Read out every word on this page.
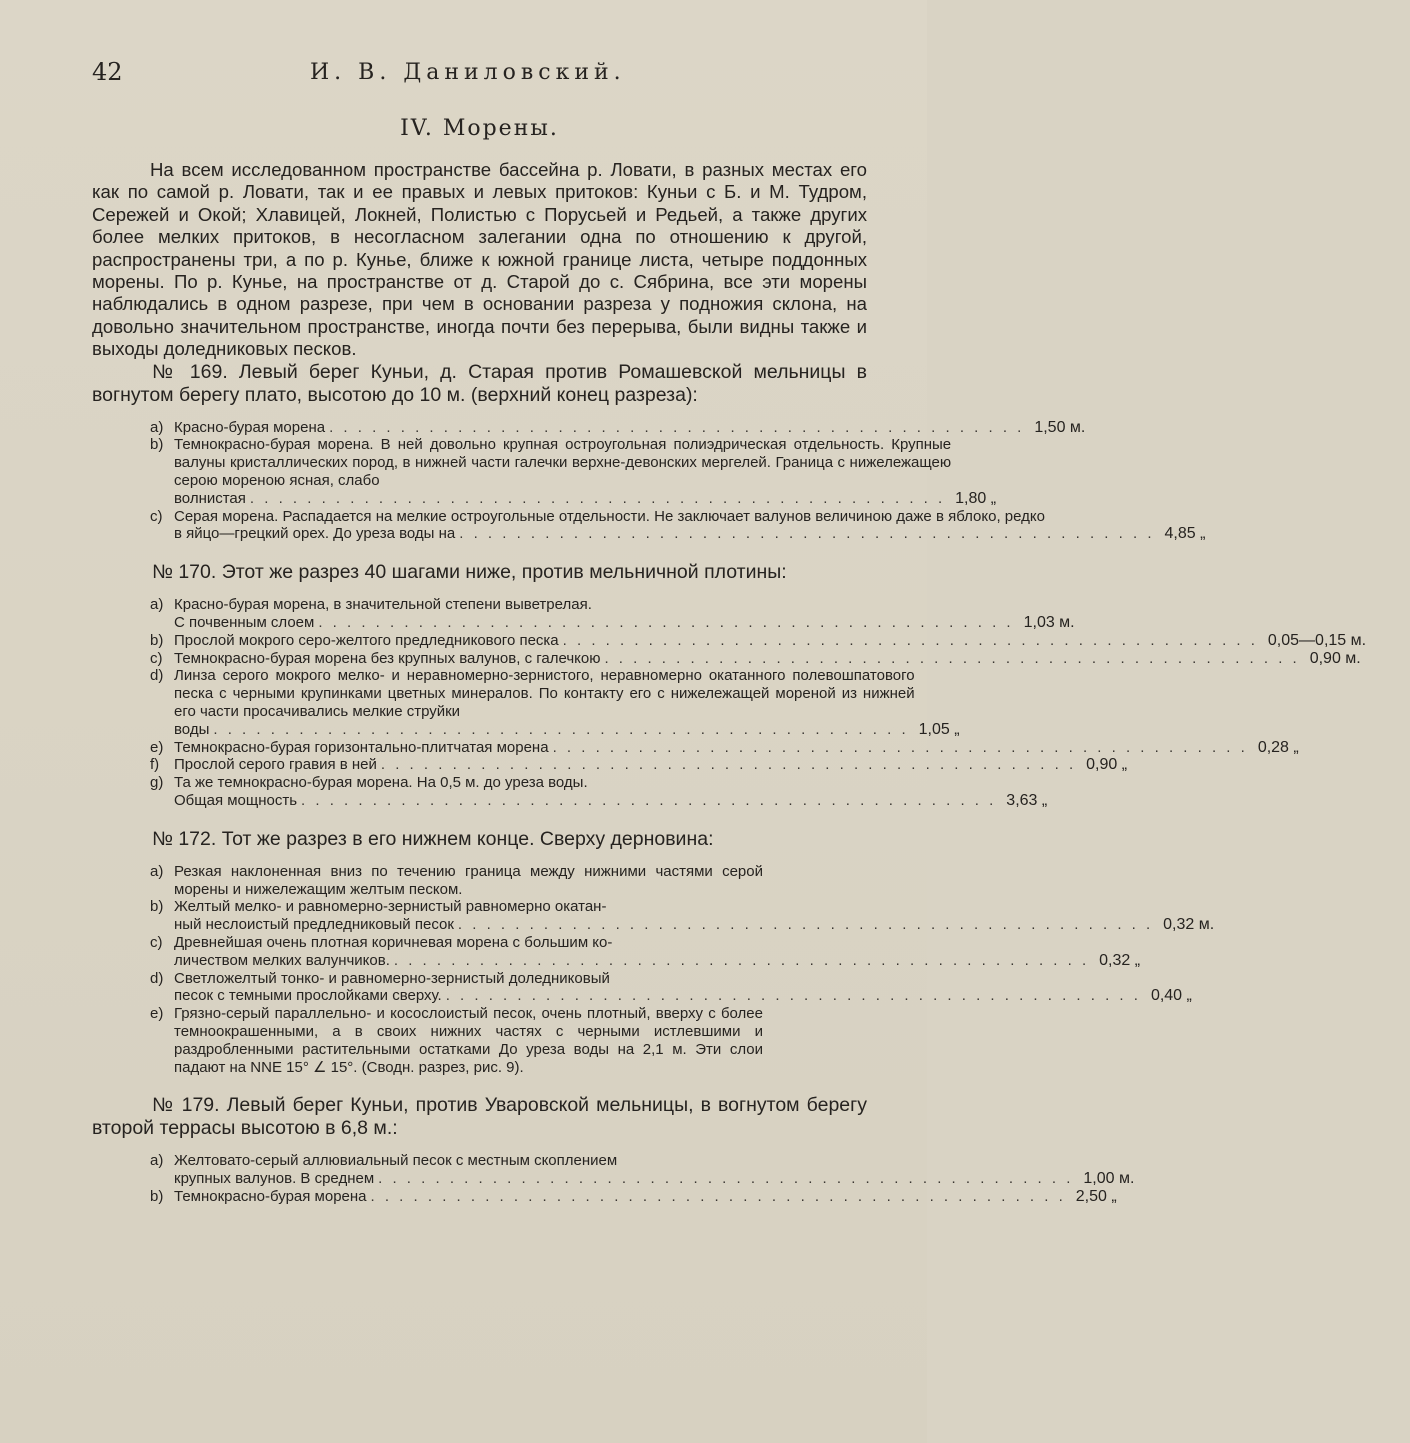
42	И. В. Даниловский.
IV. Морены.

На всем исследованном пространстве бассейна р. Ловати, в разных местах его как по самой р. Ловати, так и ее правых и левых притоков: Куньи с Б. и М. Тудром, Сережей и Окой; Хлавицей, Локней, Полистью с Порусьей и Редьей, а также других более мелких притоков, в несогласном залегании одна по отношению к другой, распространены три, а по р. Кунье, ближе к южной границе листа, четыре поддонных морены. По р. Кунье, на пространстве от д. Старой до с. Сябрина, все эти морены наблюдались в одном разрезе, при чем в основании разреза у подножия склона, на довольно значительном пространстве, иногда почти без перерыва, были видны также и выходы доледниковых песков.

№ 169. Левый берег Куньи, д. Старая против Ромашевской мельницы в вогнутом берегу плато, высотою до 10 м. (верхний конец разреза):

a) Красно-бурая морена . . . . . . . . . . . . . . . . . . . . . . . . . . . . . . . . . . . . . . . . . . . . . . . . . 1,50 м.
b) Темнокрасно-бурая морена. В ней довольно крупная остроугольная полиэдрическая отдельность. Крупные валуны кристаллических пород, в нижней части галечки верхне-девонских мергелей. Граница с нижележащею серою мореною ясная, слабо
волнистая . . . . . . . . . . . . . . . . . . . . . . . . . . . . . . . . . . . . . . . . . . . . . . . . . 1,80 „
c) Серая морена. Распадается на мелкие остроугольные отдельности. Не заключает валунов величиною даже в яблоко, редко
в яйцо—грецкий орех. До уреза воды на . . . . . . . . . . . . . . . . . . . . . . . . . . . . . . . . . . . . . . . . . . . . . . . . . 4,85 „

№ 170. Этот же разрез 40 шагами ниже, против мельничной плотины:

a) Красно-бурая морена, в значительной степени выветрелая.
С почвенным слоем . . . . . . . . . . . . . . . . . . . . . . . . . . . . . . . . . . . . . . . . . . . . . . . . . 1,03 м.
b) Прослой мокрого серо-желтого предледникового песка . . . . . . . . . . . . . . . . . . . . . . . . . . . . . . . . . . . . . . . . . . . . . . . . . 0,05—0,15 м.
c) Темнокрасно-бурая морена без крупных валунов, с галечкою . . . . . . . . . . . . . . . . . . . . . . . . . . . . . . . . . . . . . . . . . . . . . . . . . 0,90 м.
d) Линза серого мокрого мелко- и неравномерно-зернистого, неравномерно окатанного полевошпатового песка с черными крупинками цветных минералов. По контакту его с нижележащей мореной из нижней его части просачивались мелкие струйки
воды . . . . . . . . . . . . . . . . . . . . . . . . . . . . . . . . . . . . . . . . . . . . . . . . . 1,05 „
e) Темнокрасно-бурая горизонтально-плитчатая морена . . . . . . . . . . . . . . . . . . . . . . . . . . . . . . . . . . . . . . . . . . . . . . . . . 0,28 „
f) Прослой серого гравия в ней . . . . . . . . . . . . . . . . . . . . . . . . . . . . . . . . . . . . . . . . . . . . . . . . . 0,90 „
g) Та же темнокрасно-бурая морена. На 0,5 м. до уреза воды.
Общая мощность . . . . . . . . . . . . . . . . . . . . . . . . . . . . . . . . . . . . . . . . . . . . . . . . . 3,63 „

№ 172. Тот же разрез в его нижнем конце. Сверху дерновина:

a) Резкая наклоненная вниз по течению граница между нижними частями серой морены и нижележащим желтым песком.
b) Желтый мелко- и равномерно-зернистый равномерно окатан-
ный неслоистый предледниковый песок . . . . . . . . . . . . . . . . . . . . . . . . . . . . . . . . . . . . . . . . . . . . . . . . . 0,32 м.
c) Древнейшая очень плотная коричневая морена с большим ко-
личеством мелких валунчиков. . . . . . . . . . . . . . . . . . . . . . . . . . . . . . . . . . . . . . . . . . . . . . . . . . 0,32 „
d) Светложелтый тонко- и равномерно-зернистый доледниковый
песок с темными прослойками сверху. . . . . . . . . . . . . . . . . . . . . . . . . . . . . . . . . . . . . . . . . . . . . . . . . . 0,40 „
e) Грязно-серый параллельно- и косослоистый песок, очень плотный, вверху с более темноокрашенными, а в своих нижних частях с черными истлевшими и раздробленными растительными остатками До уреза воды на 2,1 м. Эти слои падают на NNE 15° ∠ 15°. (Сводн. разрез, рис. 9).

№ 179. Левый берег Куньи, против Уваровской мельницы, в вогнутом берегу второй террасы высотою в 6,8 м.:

a) Желтовато-серый аллювиальный песок с местным скоплением
крупных валунов. В среднем . . . . . . . . . . . . . . . . . . . . . . . . . . . . . . . . . . . . . . . . . . . . . . . . . 1,00 м.
b) Темнокрасно-бурая морена . . . . . . . . . . . . . . . . . . . . . . . . . . . . . . . . . . . . . . . . . . . . . . . . . 2,50 „
